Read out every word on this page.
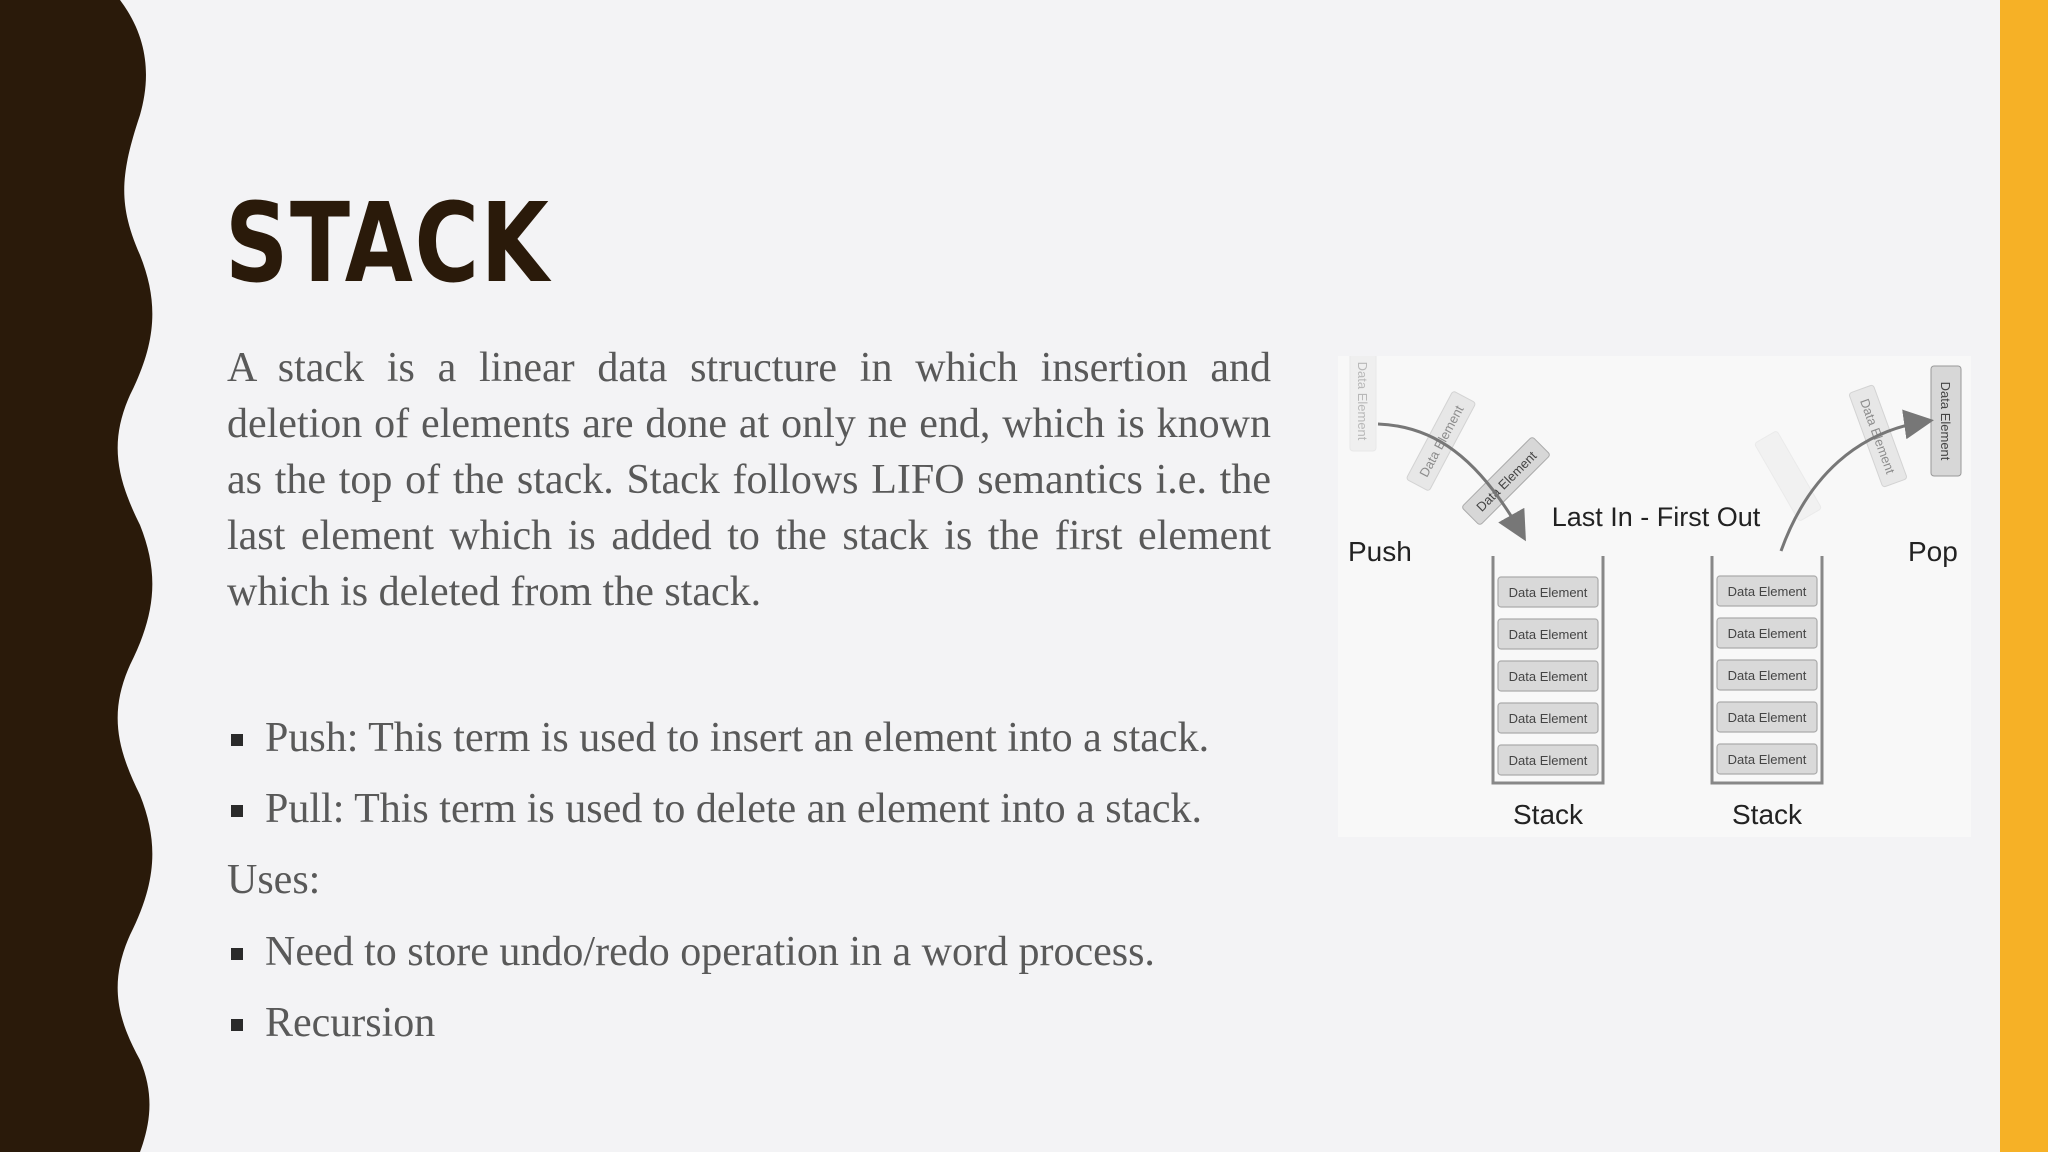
STACK

A stack is a linear data structure in which insertion and deletion of elements are done at only ne end, which is known as the top of the stack. Stack follows LIFO semantics i.e. the last element which is added to the stack is the first element which is deleted from the stack.

Push: This term is used to insert an element into a stack.

Pull: This term is used to delete an element into a stack.

Uses:

Need to store undo/redo operation in a word process.

Recursion

Data Element
Data Element
Data Element
Data Element	Data Element
Push	Pop
Last In - First Out
Data Element
Data Element
Data Element
Data Element
Data Element
Stack
Data Element
Data Element
Data Element
Data Element
Data Element
Stack
